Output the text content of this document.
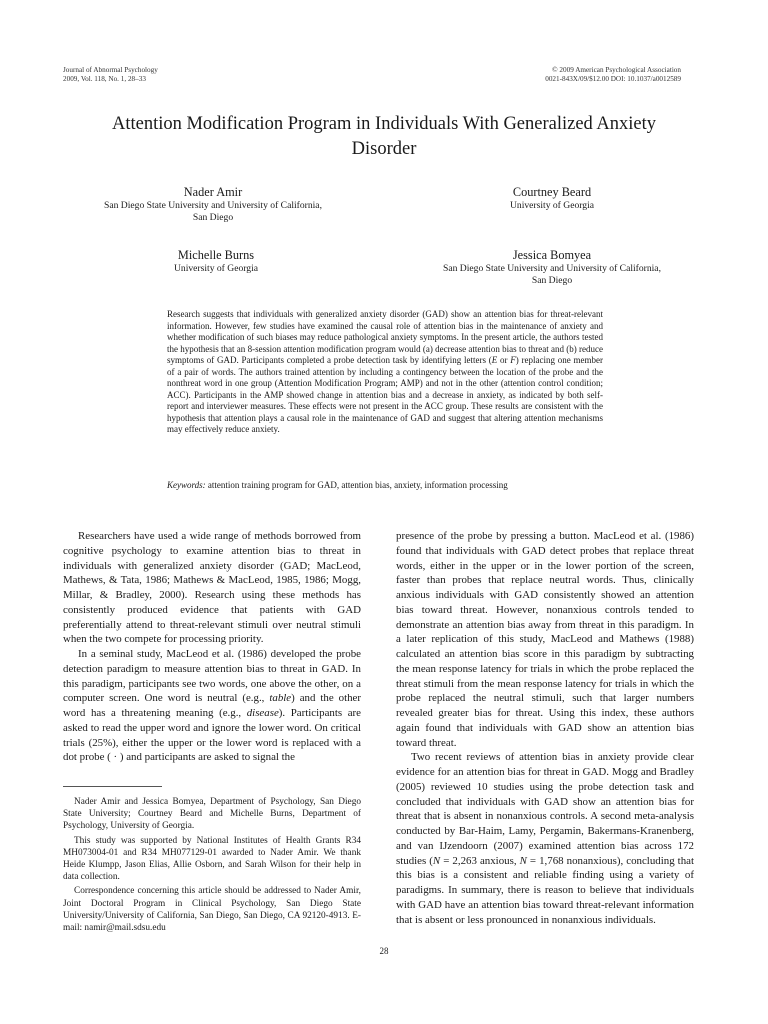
Journal of Abnormal Psychology
2009, Vol. 118, No. 1, 28–33
© 2009 American Psychological Association
0021-843X/09/$12.00 DOI: 10.1037/a0012589
Attention Modification Program in Individuals With Generalized Anxiety Disorder
Nader Amir
San Diego State University and University of California,
San Diego
Courtney Beard
University of Georgia
Michelle Burns
University of Georgia
Jessica Bomyea
San Diego State University and University of California,
San Diego

Research suggests that individuals with generalized anxiety disorder (GAD) show an attention bias for threat-relevant information. However, few studies have examined the causal role of attention bias in the maintenance of anxiety and whether modification of such biases may reduce pathological anxiety symptoms. In the present article, the authors tested the hypothesis that an 8-session attention modification program would (a) decrease attention bias to threat and (b) reduce symptoms of GAD. Participants completed a probe detection task by identifying letters (E or F) replacing one member of a pair of words. The authors trained attention by including a contingency between the location of the probe and the nonthreat word in one group (Attention Modification Program; AMP) and not in the other (attention control condition; ACC). Participants in the AMP showed change in attention bias and a decrease in anxiety, as indicated by both self-report and interviewer measures. These effects were not present in the ACC group. These results are consistent with the hypothesis that attention plays a causal role in the maintenance of GAD and suggest that altering attention mechanisms may effectively reduce anxiety.

Keywords: attention training program for GAD, attention bias, anxiety, information processing

Researchers have used a wide range of methods borrowed from cognitive psychology to examine attention bias to threat in individuals with generalized anxiety disorder (GAD; MacLeod, Mathews, & Tata, 1986; Mathews & MacLeod, 1985, 1986; Mogg, Millar, & Bradley, 2000). Research using these methods has consistently produced evidence that patients with GAD preferentially attend to threat-relevant stimuli over neutral stimuli when the two compete for processing priority.

In a seminal study, MacLeod et al. (1986) developed the probe detection paradigm to measure attention bias to threat in GAD. In this paradigm, participants see two words, one above the other, on a computer screen. One word is neutral (e.g., table) and the other word has a threatening meaning (e.g., disease). Participants are asked to read the upper word and ignore the lower word. On critical trials (25%), either the upper or the lower word is replaced with a dot probe ( · ) and participants are asked to signal the

presence of the probe by pressing a button. MacLeod et al. (1986) found that individuals with GAD detect probes that replace threat words, either in the upper or in the lower portion of the screen, faster than probes that replace neutral words. Thus, clinically anxious individuals with GAD consistently showed an attention bias toward threat. However, nonanxious controls tended to demonstrate an attention bias away from threat in this paradigm. In a later replication of this study, MacLeod and Mathews (1988) calculated an attention bias score in this paradigm by subtracting the mean response latency for trials in which the probe replaced the threat stimuli from the mean response latency for trials in which the probe replaced the neutral stimuli, such that larger numbers revealed greater bias for threat. Using this index, these authors again found that individuals with GAD show an attention bias toward threat.

Two recent reviews of attention bias in anxiety provide clear evidence for an attention bias for threat in GAD. Mogg and Bradley (2005) reviewed 10 studies using the probe detection task and concluded that individuals with GAD show an attention bias for threat that is absent in nonanxious controls. A second meta-analysis conducted by Bar-Haim, Lamy, Pergamin, Bakermans-Kranenberg, and van IJzendoorn (2007) examined attention bias across 172 studies (N = 2,263 anxious, N = 1,768 nonanxious), concluding that this bias is a consistent and reliable finding using a variety of paradigms. In summary, there is reason to believe that individuals with GAD have an attention bias toward threat-relevant information that is absent or less pronounced in nonanxious individuals.

Nader Amir and Jessica Bomyea, Department of Psychology, San Diego State University; Courtney Beard and Michelle Burns, Department of Psychology, University of Georgia.

This study was supported by National Institutes of Health Grants R34 MH073004-01 and R34 MH077129-01 awarded to Nader Amir. We thank Heide Klumpp, Jason Elias, Allie Osborn, and Sarah Wilson for their help in data collection.

Correspondence concerning this article should be addressed to Nader Amir, Joint Doctoral Program in Clinical Psychology, San Diego State University/University of California, San Diego, San Diego, CA 92120-4913. E-mail: namir@mail.sdsu.edu

28
